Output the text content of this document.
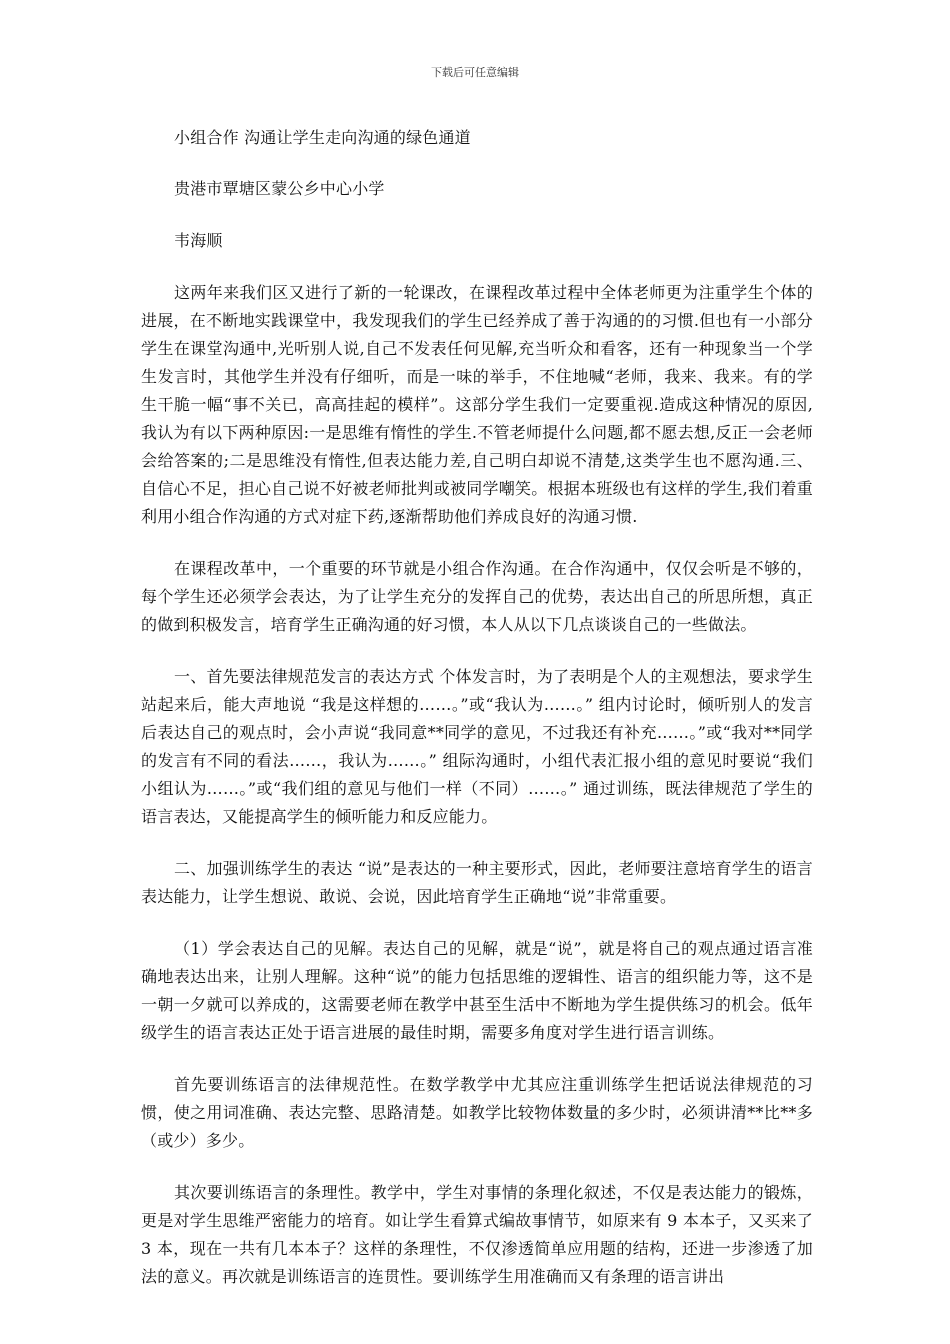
下载后可任意编辑

小组合作 沟通让学生走向沟通的绿色通道

贵港市覃塘区蒙公乡中心小学

韦海顺

这两年来我们区又进行了新的一轮课改，在课程改革过程中全体老师更为注重学生个体的进展，在不断地实践课堂中，我发现我们的学生已经养成了善于沟通的的习惯.但也有一小部分学生在课堂沟通中,光听别人说,自己不发表任何见解,充当听众和看客，还有一种现象当一个学生发言时，其他学生并没有仔细听，而是一味的举手，不住地喊“老师，我来、我来。有的学生干脆一幅“事不关已，高高挂起的模样”。这部分学生我们一定要重视.造成这种情况的原因,我认为有以下两种原因:一是思维有惰性的学生.不管老师提什么问题,都不愿去想,反正一会老师会给答案的;二是思维没有惰性,但表达能力差,自己明白却说不清楚,这类学生也不愿沟通.三、自信心不足，担心自己说不好被老师批判或被同学嘲笑。根据本班级也有这样的学生,我们着重利用小组合作沟通的方式对症下药,逐渐帮助他们养成良好的沟通习惯.

在课程改革中，一个重要的环节就是小组合作沟通。在合作沟通中，仅仅会听是不够的，每个学生还必须学会表达，为了让学生充分的发挥自己的优势，表达出自己的所思所想，真正的做到积极发言，培育学生正确沟通的好习惯，本人从以下几点谈谈自己的一些做法。

一、首先要法律规范发言的表达方式 个体发言时，为了表明是个人的主观想法，要求学生站起来后，能大声地说 “我是这样想的……。”或“我认为……。” 组内讨论时，倾听别人的发言后表达自己的观点时，会小声说“我同意**同学的意见，不过我还有补充……。”或“我对**同学的发言有不同的看法……，我认为……。” 组际沟通时，小组代表汇报小组的意见时要说“我们小组认为……。”或“我们组的意见与他们一样（不同）……。” 通过训练，既法律规范了学生的语言表达，又能提高学生的倾听能力和反应能力。

二、加强训练学生的表达 “说”是表达的一种主要形式，因此，老师要注意培育学生的语言表达能力，让学生想说、敢说、会说，因此培育学生正确地“说”非常重要。

（1）学会表达自己的见解。表达自己的见解，就是“说”，就是将自己的观点通过语言准确地表达出来，让别人理解。这种“说”的能力包括思维的逻辑性、语言的组织能力等，这不是一朝一夕就可以养成的，这需要老师在教学中甚至生活中不断地为学生提供练习的机会。低年级学生的语言表达正处于语言进展的最佳时期，需要多角度对学生进行语言训练。

首先要训练语言的法律规范性。在数学教学中尤其应注重训练学生把话说法律规范的习惯，使之用词准确、表达完整、思路清楚。如教学比较物体数量的多少时，必须讲清**比**多（或少）多少。

其次要训练语言的条理性。教学中，学生对事情的条理化叙述，不仅是表达能力的锻炼，更是对学生思维严密能力的培育。如让学生看算式编故事情节，如原来有 9 本本子，又买来了 3 本，现在一共有几本本子？这样的条理性，不仅渗透简单应用题的结构，还进一步渗透了加法的意义。再次就是训练语言的连贯性。要训练学生用准确而又有条理的语言讲出
